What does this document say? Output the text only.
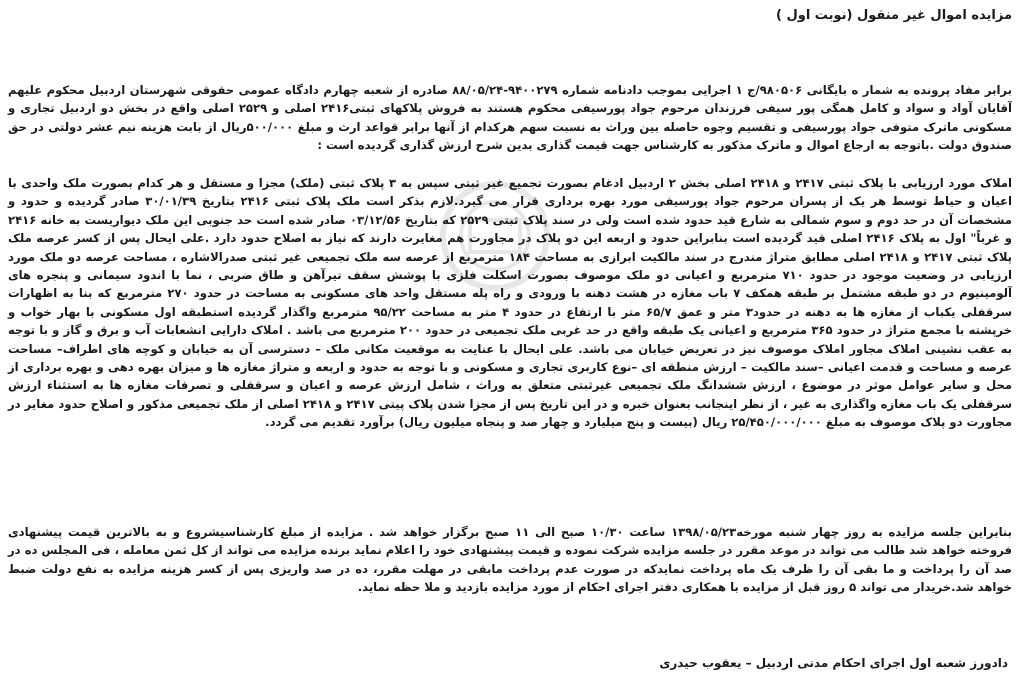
مزایده اموال غیر منقول (نوبت اول )

برابر مفاد پرونده به شمار ه بایگانی ۹۸۰۵۰۶/ج ۱ اجرایی بموجب دادنامه شماره ۹۴۰۰۲۷۹-۸۸/۰۵/۲۴ صادره از شعبه چهارم دادگاه عمومی حقوقی شهرستان اردبیل محکوم علیهم آقایان آواد و سواد و کامل همگی پور سیفی فرزندان مرحوم جواد پورسیفی محکوم هستند به فروش پلاکهای ثبتی۲۴۱۶ اصلی و ۲۵۲۹ اصلی واقع در بخش دو اردبیل تجاری و مسکونی ماترک متوفی جواد پورسیفی و تقسیم وجوه حاصله بین وراث به نسبت سهم هرکدام از آنها برابر قواعد ارث و مبلغ ۵۰۰/۰۰۰ریال از بابت هزینه نیم عشر دولتی در حق صندوق دولت .باتوجه به ارجاع اموال و ماترک مذکور به کارشناس جهت قیمت گذاری بدین شرح ارزش گذاری گردیده است :

املاک مورد ارزیابی با پلاک ثبتی ۲۴۱۷ و ۲۴۱۸ اصلی بخش ۲ اردبیل ادغام بصورت تجمیع غیر ثبتی سپس به ۳ پلاک ثبتی (ملک) مجزا و مستقل و هر کدام بصورت ملک واحدی با اعیان و حیاط توسط هر یک از پسران مرحوم جواد پورسیفی مورد بهره برداری قرار می گیرد.لازم بذکر است ملک پلاک ثبتی ۲۴۱۶ بتاریخ ۳۰/۰۱/۳۹ صادر گردیده و حدود و مشخصات آن در حد دوم و سوم شمالی به شارع قید حدود شده است ولی در سند پلاک ثبتی ۲۵۲۹ که بتاریخ ۰۳/۱۲/۵۶ صادر شده است حد جنوبی این ملک دیواریست به خانه ۲۴۱۶ و غرباً" اول به پلاک ۲۴۱۶ اصلی قید گردیده است بنابراین حدود و اربعه این دو پلاک در مجاورت هم مغایرت دارند که نیاز به اصلاح حدود دارد .علی ایحال پس از کسر عرصه ملک پلاک ثبتی ۲۴۱۷ و ۲۴۱۸ اصلی مطابق متراژ مندرج در سند مالکیت ابرازی به مساحت ۱۸۴ مترمربع از عرصه سه ملک تجمیعی غیر ثبتی صدرالاشاره ، مساحت عرصه دو ملک مورد ارزیابی در وضعیت موجود در حدود ۷۱۰ مترمربع و اعیانی دو ملک موصوف بصورت اسکلت فلزی با پوشش سقف تیرآهن و طاق ضربی ، نما با اندود سیمانی و پنجره های آلومینیوم در دو طبقه مشتمل بر طبقه همکف ۷ باب مغازه در هشت دهنه با ورودی و راه پله مستقل واحد های مسکونی به مساحت در حدود ۲۷۰ مترمربع که بنا به اظهارات سرقفلی یکباب از مغازه ها به دهنه در حدود۳ متر و عمق ۶۵/۷ متر با ارتفاع در حدود ۴ متر به مساحت ۹۵/۲۲ مترمربع واگذار گردیده استطبقه اول مسکونی با بهار خواب و خرپشته با مجمع متراژ در حدود ۳۶۵ مترمربع و اعیانی یک طبقه واقع در حد غربی ملک تجمیعی در حدود ۲۰۰ مترمربع می باشد . املاک دارایی انشعابات آب و برق و گاز و با توجه به عقب نشینی املاک مجاور املاک موصوف نیز در تعریض خیابان می باشد. علی ایحال با عنایت به موقعیت مکانی ملک – دسترسی آن به خیابان و کوچه های اطراف– مساحت عرصه و مساحت و قدمت اعیانی –سند مالکیت – ارزش منطقه ای –نوع کاربری تجاری و مسکونی و با توجه به حدود و اربعه و متراژ مغازه ها و میزان بهره دهی و بهره برداری از محل و سایر عوامل موثر در موضوع ، ارزش ششدانگ ملک تجمیعی غیرثبتی متعلق به وراث ، شامل ارزش عرصه و اعیان و سرقفلی و تصرفات مغازه ها به استثناء ارزش سرقفلی یک باب مغازه واگذاری به غیر ، از نظر اینجانب بعنوان خبره و در این تاریخ پس از مجزا شدن پلاک پیتی ۲۴۱۷ و ۲۴۱۸ اصلی از ملک تجمیعی مذکور و اصلاح حدود مغایر در مجاورت دو پلاک موصوف به مبلغ ۲۵/۴۵۰/۰۰۰/۰۰۰ ریال (بیست و پنج میلیارد و چهار صد و پنجاه میلیون ریال) برآورد تقدیم می گردد.

بنابراین جلسه مزایده به روز چهار شنبه مورخه۱۳۹۸/۰۵/۲۳ ساعت ۱۰/۳۰ صبح الی ۱۱ صبح برگزار خواهد شد . مزایده از مبلغ کارشناسیشروع و به بالاترین قیمت پیشنهادی فروخته خواهد شد طالب می تواند در موعد مقرر در جلسه مزایده شرکت نموده و قیمت پیشنهادی خود را اعلام نماید برنده مزایده می تواند از کل ثمن معامله ، فی المجلس ده در صد آن را پرداخت و ما بقی آن را ظرف یک ماه پرداخت نمایدکه در صورت عدم پرداخت مابقی در مهلت مقرر، ده در صد واریزی پس از کسر هزینه مزایده به نفع دولت ضبط خواهد شد.خریدار می تواند ۵ روز قبل از مزایده با همکاری دفتر اجرای احکام از مورد مزایده بازدید و ملا حظه نماید.

دادورز شعبه اول اجرای احکام مدنی اردبیل – یعقوب حیدری
